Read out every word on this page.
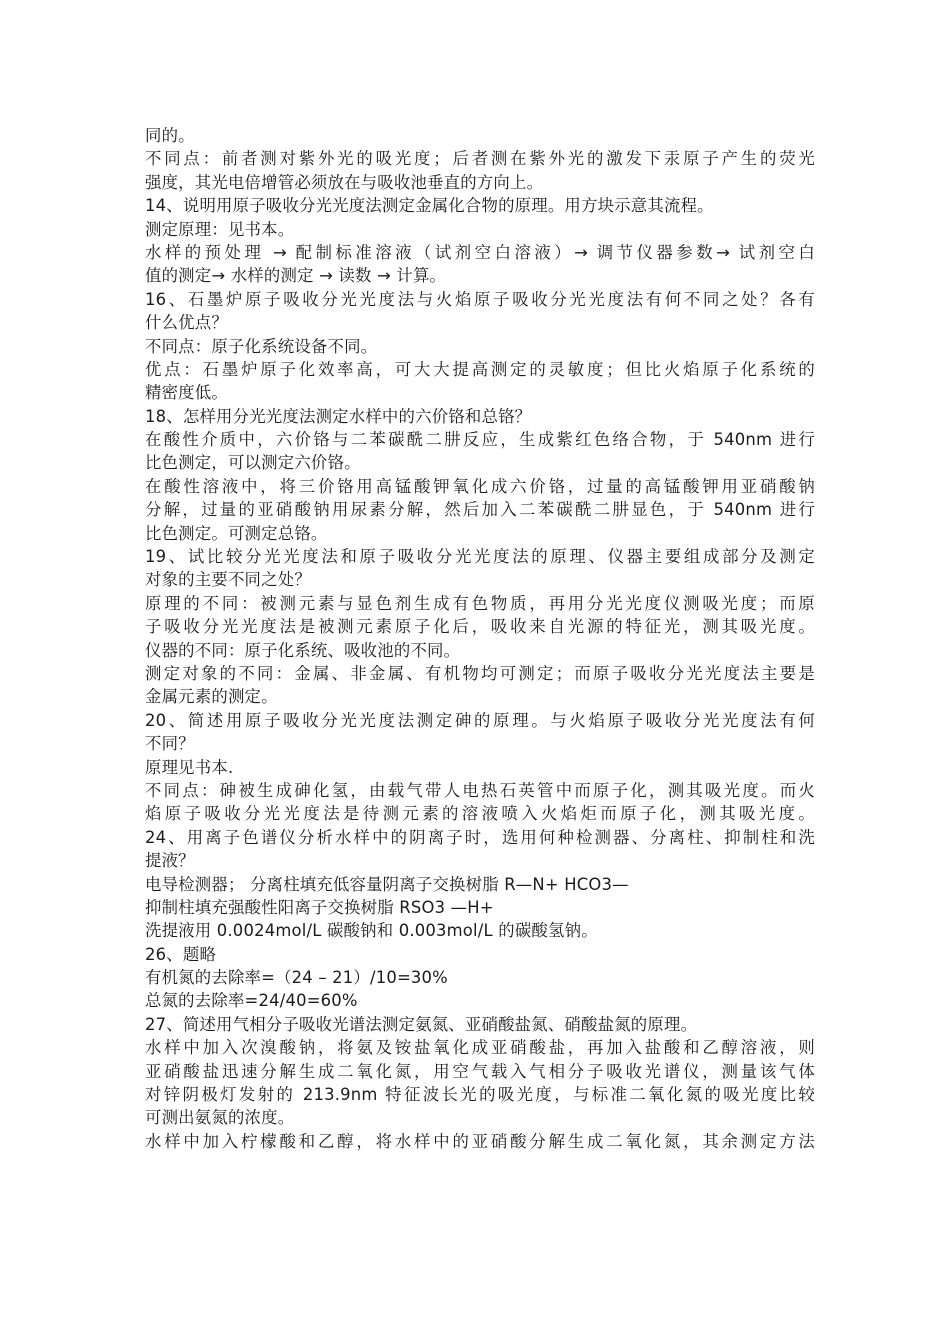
同的。
不同点：前者测对紫外光的吸光度；后者测在紫外光的激发下汞原子产生的荧光
强度，其光电倍增管必须放在与吸收池垂直的方向上。
14、说明用原子吸收分光光度法测定金属化合物的原理。用方块示意其流程。
测定原理：见书本。
水样的预处理 → 配制标准溶液（试剂空白溶液）→ 调节仪器参数→ 试剂空白
值的测定→ 水样的测定 → 读数 → 计算。
16、石墨炉原子吸收分光光度法与火焰原子吸收分光光度法有何不同之处？各有
什么优点？
不同点：原子化系统设备不同。
优点：石墨炉原子化效率高，可大大提高测定的灵敏度；但比火焰原子化系统的
精密度低。
18、怎样用分光光度法测定水样中的六价铬和总铬？
在酸性介质中，六价铬与二苯碳酰二肼反应，生成紫红色络合物，于 540nm 进行
比色测定，可以测定六价铬。
在酸性溶液中，将三价铬用高锰酸钾氧化成六价铬，过量的高锰酸钾用亚硝酸钠
分解，过量的亚硝酸钠用尿素分解，然后加入二苯碳酰二肼显色，于 540nm 进行
比色测定。可测定总铬。
19、试比较分光光度法和原子吸收分光光度法的原理、仪器主要组成部分及测定
对象的主要不同之处？
原理的不同：被测元素与显色剂生成有色物质，再用分光光度仪测吸光度；而原
子吸收分光光度法是被测元素原子化后，吸收来自光源的特征光，测其吸光度。
仪器的不同：原子化系统、吸收池的不同。
测定对象的不同：金属、非金属、有机物均可测定；而原子吸收分光光度法主要是
金属元素的测定。
20、简述用原子吸收分光光度法测定砷的原理。与火焰原子吸收分光光度法有何
不同？
原理见书本.
不同点：砷被生成砷化氢，由载气带人电热石英管中而原子化，测其吸光度。而火
焰原子吸收分光光度法是待测元素的溶液喷入火焰炬而原子化，测其吸光度。
24、用离子色谱仪分析水样中的阴离子时，选用何种检测器、分离柱、抑制柱和洗
提液？
电导检测器； 分离柱填充低容量阴离子交换树脂 R—N+ HCO3—
抑制柱填充强酸性阳离子交换树脂 RSO3 —H+
洗提液用 0.0024mol/L 碳酸钠和 0.003mol/L 的碳酸氢钠。
26、题略
有机氮的去除率=（24 – 21）/10=30%
总氮的去除率=24/40=60%
27、简述用气相分子吸收光谱法测定氨氮、亚硝酸盐氮、硝酸盐氮的原理。
水样中加入次溴酸钠，将氨及铵盐氧化成亚硝酸盐，再加入盐酸和乙醇溶液，则
亚硝酸盐迅速分解生成二氧化氮，用空气载入气相分子吸收光谱仪，测量该气体
对锌阴极灯发射的 213.9nm 特征波长光的吸光度，与标准二氧化氮的吸光度比较
可测出氨氮的浓度。
水样中加入柠檬酸和乙醇，将水样中的亚硝酸分解生成二氧化氮，其余测定方法
